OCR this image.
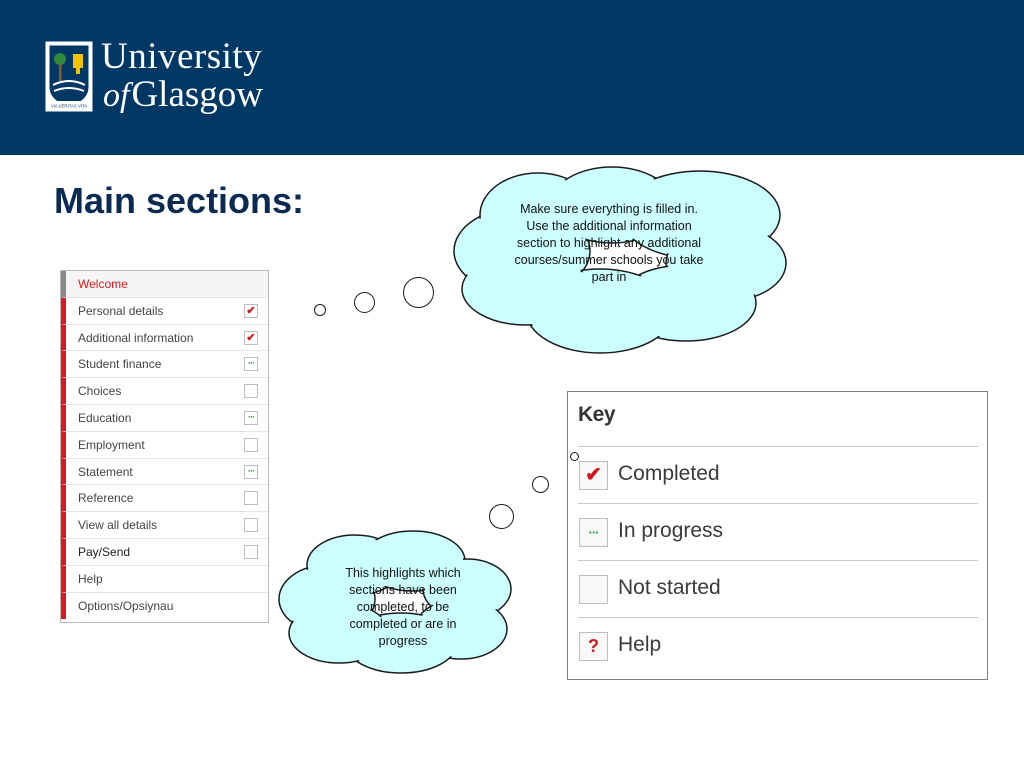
VIA VERITAS VITA
University
ofGlasgow
Main sections:
Welcome
Personal details	✔
Additional information	✔
Student finance	···
Choices
Education	···
Employment
Statement	···
Reference
View all details
Pay/Send
Help
Options/Opsiynau
Key
✔ Completed
··· In progress
Not started
? Help
Make sure everything is filled in. Use the additional information section to highlight any additional courses/summer schools you take part in
This highlights which sections have been completed, to be completed or are in progress
